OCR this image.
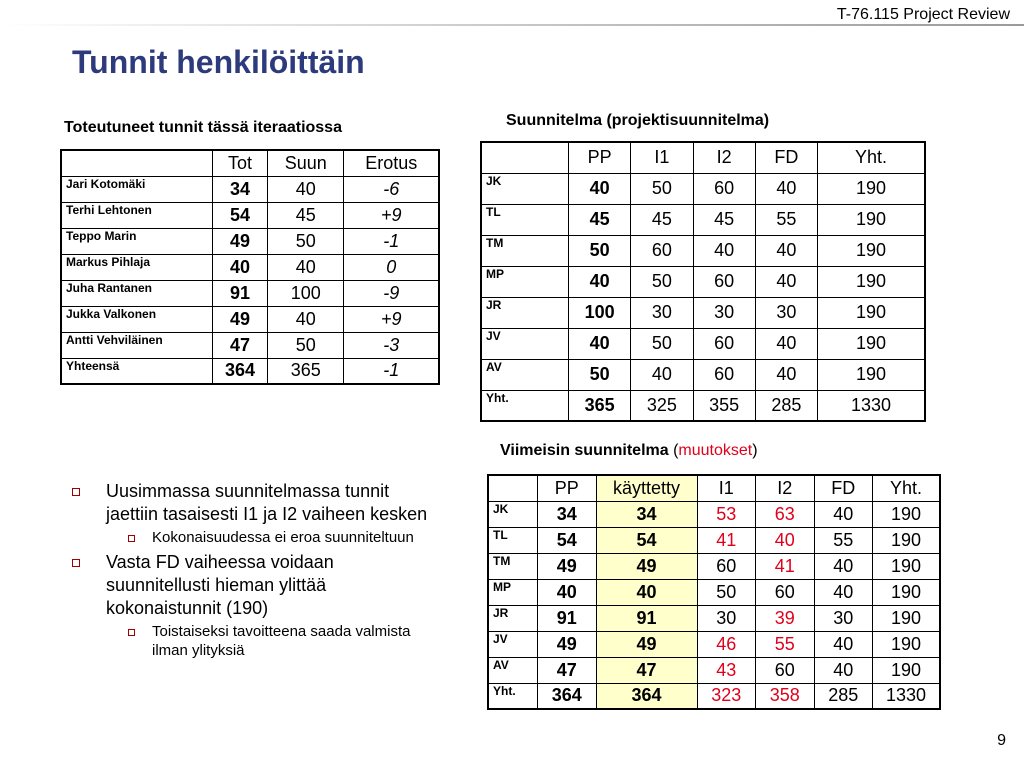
T-76.115 Project Review
Tunnit henkilöittäin
Toteutuneet tunnit tässä iteraatiossa
	Tot	Suun	Erotus
Jari Kotomäki	34	40	-6
Terhi Lehtonen	54	45	+9
Teppo Marin	49	50	-1
Markus Pihlaja	40	40	0
Juha Rantanen	91	100	-9
Jukka Valkonen	49	40	+9
Antti Vehviläinen	47	50	-3
Yhteensä	364	365	-1
Suunnitelma (projektisuunnitelma)
	PP	I1	I2	FD	Yht.
JK	40	50	60	40	190
TL	45	45	45	55	190
TM	50	60	40	40	190
MP	40	50	60	40	190
JR	100	30	30	30	190
JV	40	50	60	40	190
AV	50	40	60	40	190
Yht.	365	325	355	285	1330
Viimeisin suunnitelma (muutokset)
	PP	käyttetty	I1	I2	FD	Yht.
JK	34	34	53	63	40	190
TL	54	54	41	40	55	190
TM	49	49	60	41	40	190
MP	40	40	50	60	40	190
JR	91	91	30	39	30	190
JV	49	49	46	55	40	190
AV	47	47	43	60	40	190
Yht.	364	364	323	358	285	1330
Uusimmassa suunnitelmassa tunnit jaettiin tasaisesti I1 ja I2 vaiheen kesken
Kokonaisuudessa ei eroa suunniteltuun
Vasta FD vaiheessa voidaan suunnitellusti hieman ylittää kokonaistunnit (190)
Toistaiseksi tavoitteena saada valmista ilman ylityksiä
9
